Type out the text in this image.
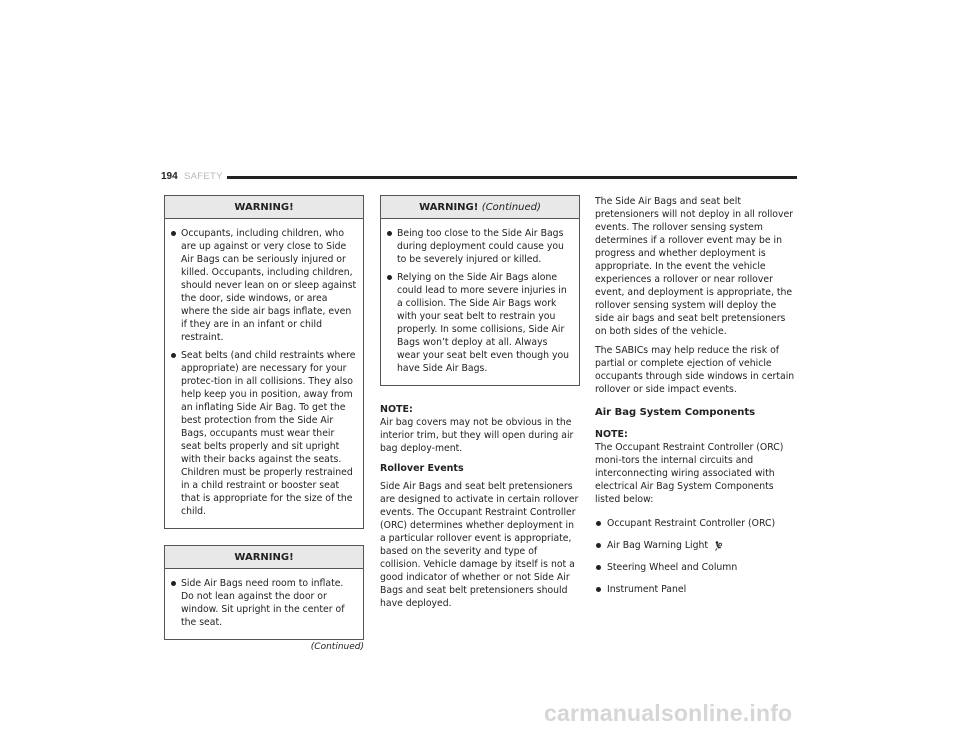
194 SAFETY
WARNING!
Occupants, including children, who are up against or very close to Side Air Bags can be seriously injured or killed. Occupants, including children, should never lean on or sleep against the door, side windows, or area where the side air bags inflate, even if they are in an infant or child restraint.
Seat belts (and child restraints where appropriate) are necessary for your protec-tion in all collisions. They also help keep you in position, away from an inflating Side Air Bag. To get the best protection from the Side Air Bags, occupants must wear their seat belts properly and sit upright with their backs against the seats. Children must be properly restrained in a child restraint or booster seat that is appropriate for the size of the child.
WARNING!
Side Air Bags need room to inflate. Do not lean against the door or window. Sit upright in the center of the seat.
(Continued)
WARNING! (Continued)
Being too close to the Side Air Bags during deployment could cause you to be severely injured or killed.
Relying on the Side Air Bags alone could lead to more severe injuries in a collision. The Side Air Bags work with your seat belt to restrain you properly. In some collisions, Side Air Bags won’t deploy at all. Always wear your seat belt even though you have Side Air Bags.
NOTE:
Air bag covers may not be obvious in the interior trim, but they will open during air bag deploy-ment.
Rollover Events
Side Air Bags and seat belt pretensioners are designed to activate in certain rollover events. The Occupant Restraint Controller (ORC) determines whether deployment in a particular rollover event is appropriate, based on the severity and type of collision. Vehicle damage by itself is not a good indicator of whether or not Side Air Bags and seat belt pretensioners should have deployed.
The Side Air Bags and seat belt pretensioners will not deploy in all rollover events. The rollover sensing system determines if a rollover event may be in progress and whether deployment is appropriate. In the event the vehicle experiences a rollover or near rollover event, and deployment is appropriate, the rollover sensing system will deploy the side air bags and seat belt pretensioners on both sides of the vehicle.
The SABICs may help reduce the risk of partial or complete ejection of vehicle occupants through side windows in certain rollover or side impact events.
Air Bag System Components
NOTE:
The Occupant Restraint Controller (ORC) moni-tors the internal circuits and interconnecting wiring associated with electrical Air Bag System Components listed below:
Occupant Restraint Controller (ORC)
Air Bag Warning Light
Steering Wheel and Column
Instrument Panel
carmanualsonline.info
